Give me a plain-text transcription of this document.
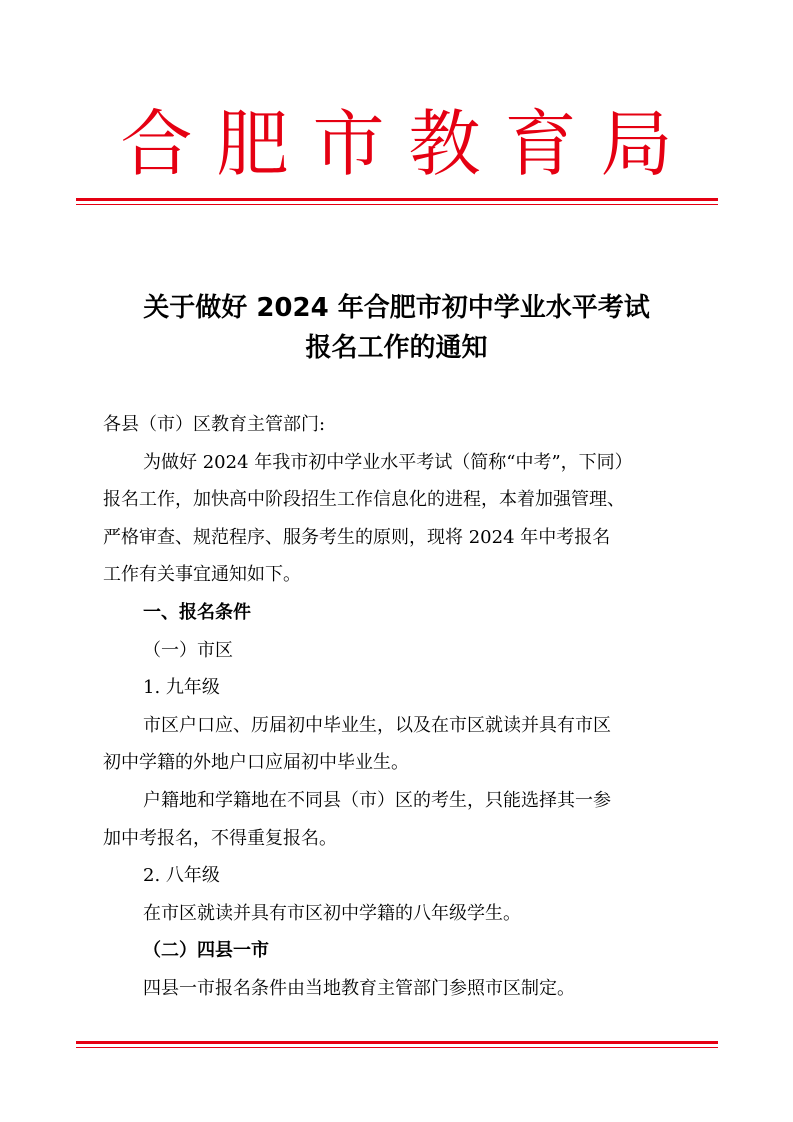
合肥市教育局
关于做好 2024 年合肥市初中学业水平考试
报名工作的通知
各县（市）区教育主管部门:
为做好 2024 年我市初中学业水平考试（简称“中考”，下同）
报名工作，加快高中阶段招生工作信息化的进程，本着加强管理、
严格审查、规范程序、服务考生的原则，现将 2024 年中考报名
工作有关事宜通知如下。
一、报名条件
（一）市区
1. 九年级
市区户口应、历届初中毕业生，以及在市区就读并具有市区
初中学籍的外地户口应届初中毕业生。
户籍地和学籍地在不同县（市）区的考生，只能选择其一参
加中考报名，不得重复报名。
2. 八年级
在市区就读并具有市区初中学籍的八年级学生。
（二）四县一市
四县一市报名条件由当地教育主管部门参照市区制定。
